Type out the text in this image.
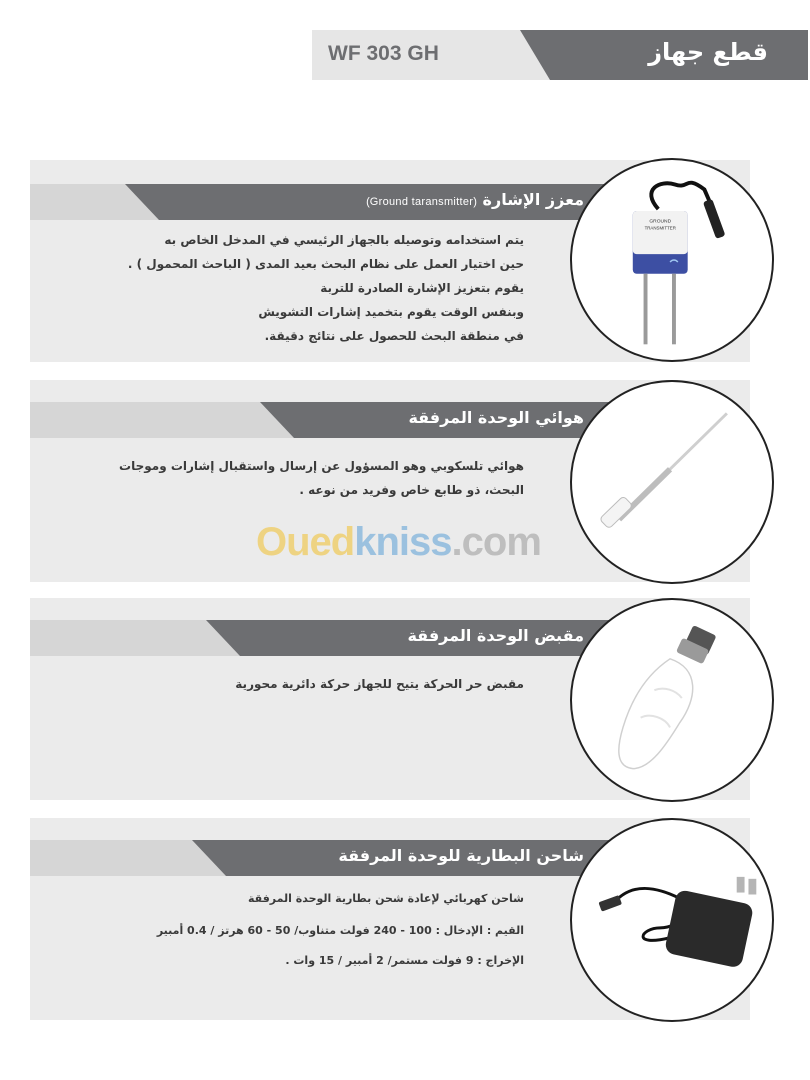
WF 303 GH	قطع جهاز
معزز الإشارة (Ground taransmitter)
يتم استخدامه وتوصيله بالجهاز الرئيسي في المدخل الخاص به
حين اختيار العمل على نظام البحث بعيد المدى ( الباحث المحمول ) .
يقوم بتعزيز الإشارة الصادرة للتربة
وبنفس الوقت يقوم بتخميد إشارات التشويش
في منطقة البحث للحصول على نتائج دقيقة.
GROUND
TRANSMITTER
هوائي الوحدة المرفقة
هوائي تلسكوبي وهو المسؤول عن إرسال واستقبال إشارات وموجات
البحث، ذو طابع خاص وفريد من نوعه .
Ouedkniss.com
مقبض الوحدة المرفقة
مقبض حر الحركة يتيح للجهاز حركة دائرية محورية
شاحن البطارية للوحدة المرفقة
شاحن كهربائي لإعادة شحن بطارية الوحدة المرفقة
القيم : الإدخال : 100 - 240 فولت متناوب/ 50 - 60 هرتز / 0.4 أمبير
الإخراج : 9 فولت مستمر/ 2 أمبير / 15 وات .
